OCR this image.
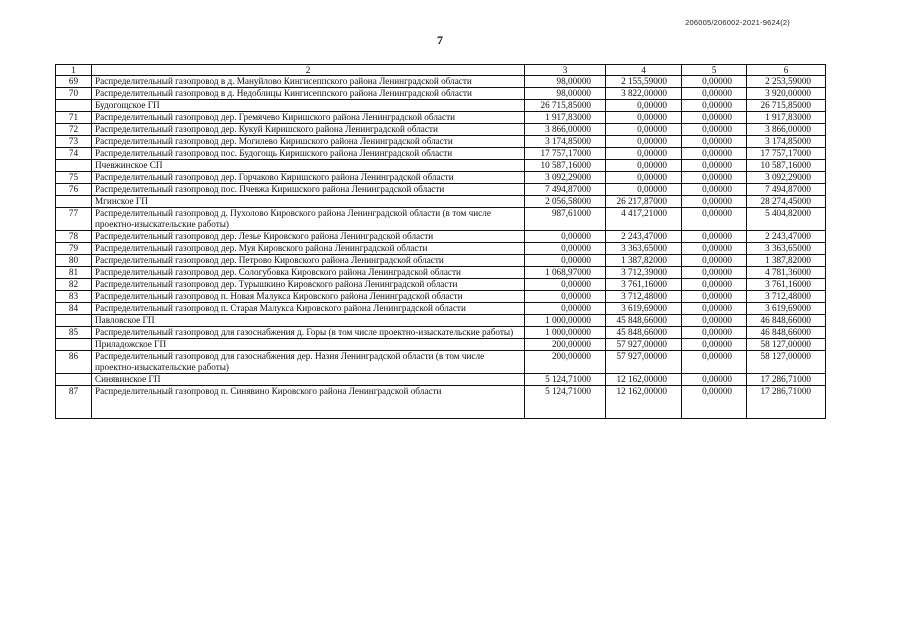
206005/206002-2021-9624(2)
7
1	2	3	4	5	6
69	Распределительный газопровод в д. Мануйлово Кингисеппского района Ленинградской области	98,00000	2 155,59000	0,00000	2 253,59000
70	Распределительный газопровод в д. Недоблицы Кингисеппского района Ленинградской области	98,00000	3 822,00000	0,00000	3 920,00000
	Будогощское ГП	26 715,85000	0,00000	0,00000	26 715,85000
71	Распределительный газопровод дер. Гремячево Киришского района Ленинградской области	1 917,83000	0,00000	0,00000	1 917,83000
72	Распределительный газопровод дер. Кукуй Киришского района Ленинградской области	3 866,00000	0,00000	0,00000	3 866,00000
73	Распределительный газопровод дер. Могилево Киришского района Ленинградской области	3 174,85000	0,00000	0,00000	3 174,85000
74	Распределительный газопровод пос. Будогощь Киришского района Ленинградской области	17 757,17000	0,00000	0,00000	17 757,17000
	Пчевжинское СП	10 587,16000	0,00000	0,00000	10 587,16000
75	Распределительный газопровод дер. Горчаково Киришского района Ленинградской области	3 092,29000	0,00000	0,00000	3 092,29000
76	Распределительный газопровод пос. Пчевжа Киришского района Ленинградской области	7 494,87000	0,00000	0,00000	7 494,87000
	Мгинское ГП	2 056,58000	26 217,87000	0,00000	28 274,45000
77	Распределительный газопровод д. Пухолово Кировского района Ленинградской области (в том числе проектно-изыскательские работы)	987,61000	4 417,21000	0,00000	5 404,82000
78	Распределительный газопровод дер. Лезье Кировского района Ленинградской области	0,00000	2 243,47000	0,00000	2 243,47000
79	Распределительный газопровод дер. Муя Кировского района Ленинградской области	0,00000	3 363,65000	0,00000	3 363,65000
80	Распределительный газопровод дер. Петрово Кировского района Ленинградской области	0,00000	1 387,82000	0,00000	1 387,82000
81	Распределительный газопровод дер. Сологубовка Кировского района Ленинградской области	1 068,97000	3 712,39000	0,00000	4 781,36000
82	Распределительный газопровод дер. Турышкино Кировского района Ленинградской области	0,00000	3 761,16000	0,00000	3 761,16000
83	Распределительный газопровод п. Новая Малукса Кировского района Ленинградской области	0,00000	3 712,48000	0,00000	3 712,48000
84	Распределительный газопровод п. Старая Малукса Кировского района Ленинградской области	0,00000	3 619,69000	0,00000	3 619,69000
	Павловское ГП	1 000,00000	45 848,66000	0,00000	46 848,66000
85	Распределительный газопровод для газоснабжения д. Горы (в том числе проектно-изыскательские работы)	1 000,00000	45 848,66000	0,00000	46 848,66000
	Приладожское ГП	200,00000	57 927,00000	0,00000	58 127,00000
86	Распределительный газопровод для газоснабжения дер. Назия Ленинградской области (в том числе проектно-изыскательские работы)	200,00000	57 927,00000	0,00000	58 127,00000
	Синявинское ГП	5 124,71000	12 162,00000	0,00000	17 286,71000
87	Распределительный газопровод п. Синявино Кировского района Ленинградской области	5 124,71000	12 162,00000	0,00000	17 286,71000
